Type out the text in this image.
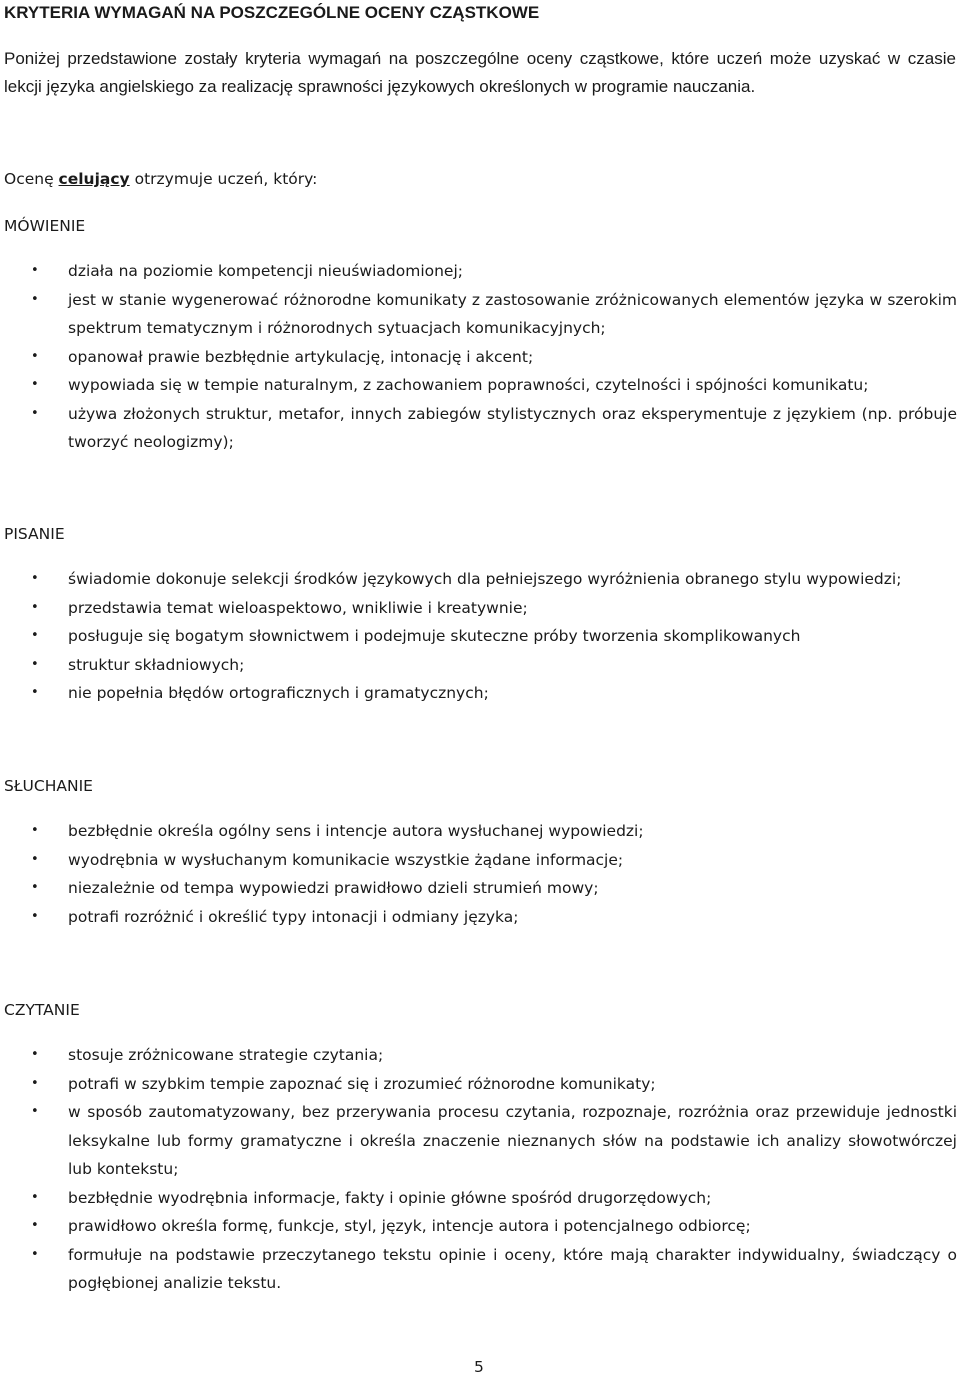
KRYTERIA WYMAGAŃ NA POSZCZEGÓLNE OCENY CZĄSTKOWE

Poniżej przedstawione zostały kryteria wymagań na poszczególne oceny cząstkowe, które uczeń może uzyskać w czasie lekcji języka angielskiego za realizację sprawności językowych określonych w programie nauczania.

Ocenę celujący otrzymuje uczeń, który:

MÓWIENIE

• działa na poziomie kompetencji nieuświadomionej;
• jest w stanie wygenerować różnorodne komunikaty z zastosowanie zróżnicowanych elementów języka w szerokim spektrum tematycznym i różnorodnych sytuacjach komunikacyjnych;
• opanował prawie bezbłędnie artykulację, intonację i akcent;
• wypowiada się w tempie naturalnym, z zachowaniem poprawności, czytelności i spójności komunikatu;
• używa złożonych struktur, metafor, innych zabiegów stylistycznych oraz eksperymentuje z językiem (np. próbuje tworzyć neologizmy);

PISANIE

• świadomie dokonuje selekcji środków językowych dla pełniejszego wyróżnienia obranego stylu wypowiedzi;
• przedstawia temat wieloaspektowo, wnikliwie i kreatywnie;
• posługuje się bogatym słownictwem i podejmuje skuteczne próby tworzenia skomplikowanych
• struktur składniowych;
• nie popełnia błędów ortograficznych i gramatycznych;

SŁUCHANIE

• bezbłędnie określa ogólny sens i intencje autora wysłuchanej wypowiedzi;
• wyodrębnia w wysłuchanym komunikacie wszystkie żądane informacje;
• niezależnie od tempa wypowiedzi prawidłowo dzieli strumień mowy;
• potrafi rozróżnić i określić typy intonacji i odmiany języka;

CZYTANIE

• stosuje zróżnicowane strategie czytania;
• potrafi w szybkim tempie zapoznać się i zrozumieć różnorodne komunikaty;
• w sposób zautomatyzowany, bez przerywania procesu czytania, rozpoznaje, rozróżnia oraz przewiduje jednostki leksykalne lub formy gramatyczne i określa znaczenie nieznanych słów na podstawie ich analizy słowotwórczej lub kontekstu;
• bezbłędnie wyodrębnia informacje, fakty i opinie główne spośród drugorzędowych;
• prawidłowo określa formę, funkcje, styl, język, intencje autora i potencjalnego odbiorcę;
• formułuje na podstawie przeczytanego tekstu opinie i oceny, które mają charakter indywidualny, świadczący o pogłębionej analizie tekstu.

5
